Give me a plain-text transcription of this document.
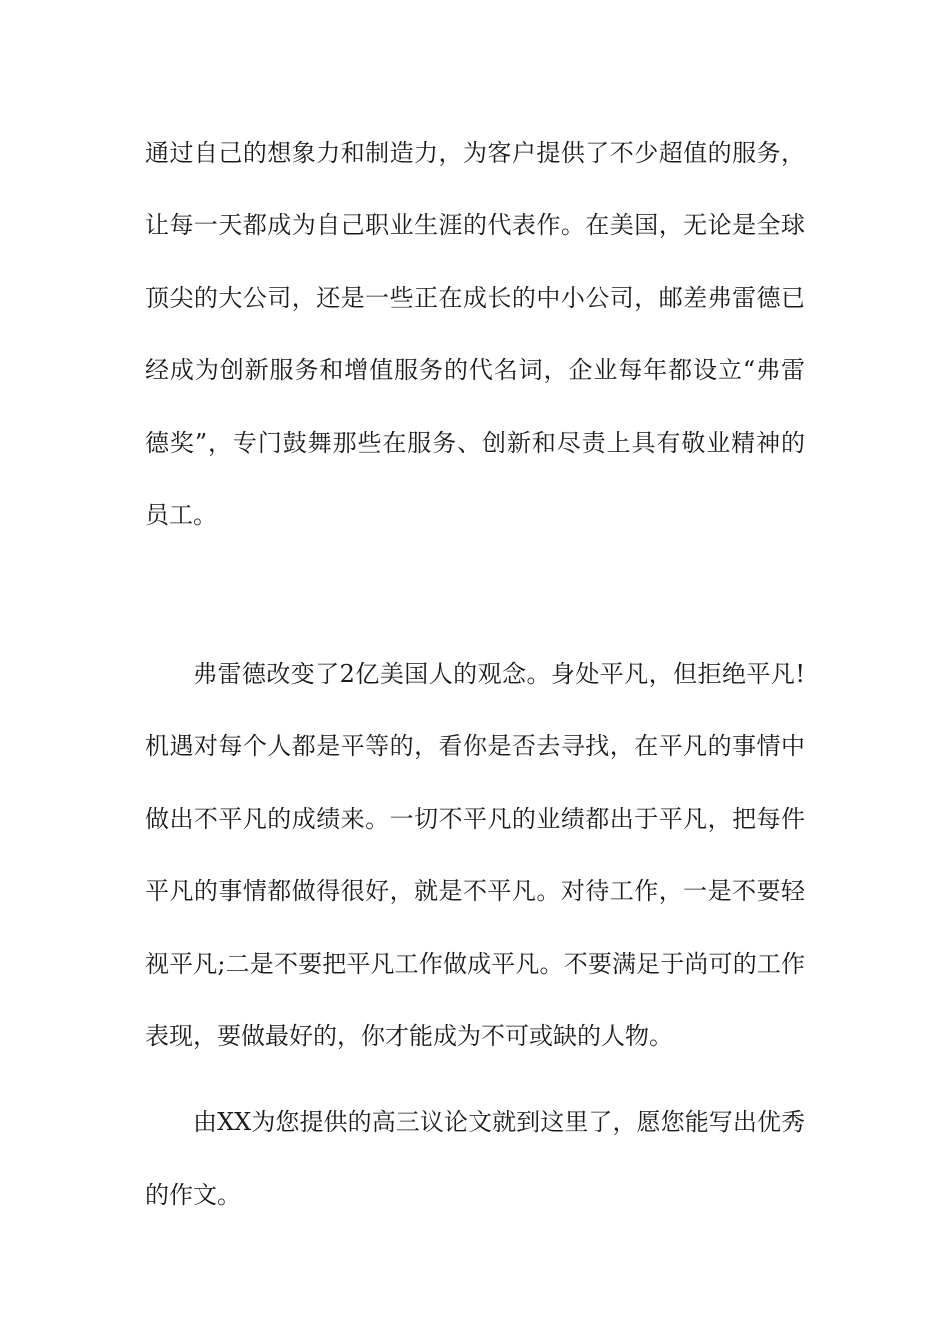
通过自己的想象力和制造力，为客户提供了不少超值的服务，
让每一天都成为自己职业生涯的代表作。在美国，无论是全球
顶尖的大公司，还是一些正在成长的中小公司，邮差弗雷德已
经成为创新服务和增值服务的代名词，企业每年都设立“弗雷
德奖”，专门鼓舞那些在服务、创新和尽责上具有敬业精神的
员工。
弗雷德改变了2亿美国人的观念。身处平凡，但拒绝平凡!
机遇对每个人都是平等的，看你是否去寻找，在平凡的事情中
做出不平凡的成绩来。一切不平凡的业绩都出于平凡，把每件
平凡的事情都做得很好，就是不平凡。对待工作，一是不要轻
视平凡;二是不要把平凡工作做成平凡。不要满足于尚可的工作
表现，要做最好的，你才能成为不可或缺的人物。
由XX为您提供的高三议论文就到这里了，愿您能写出优秀
的作文。
